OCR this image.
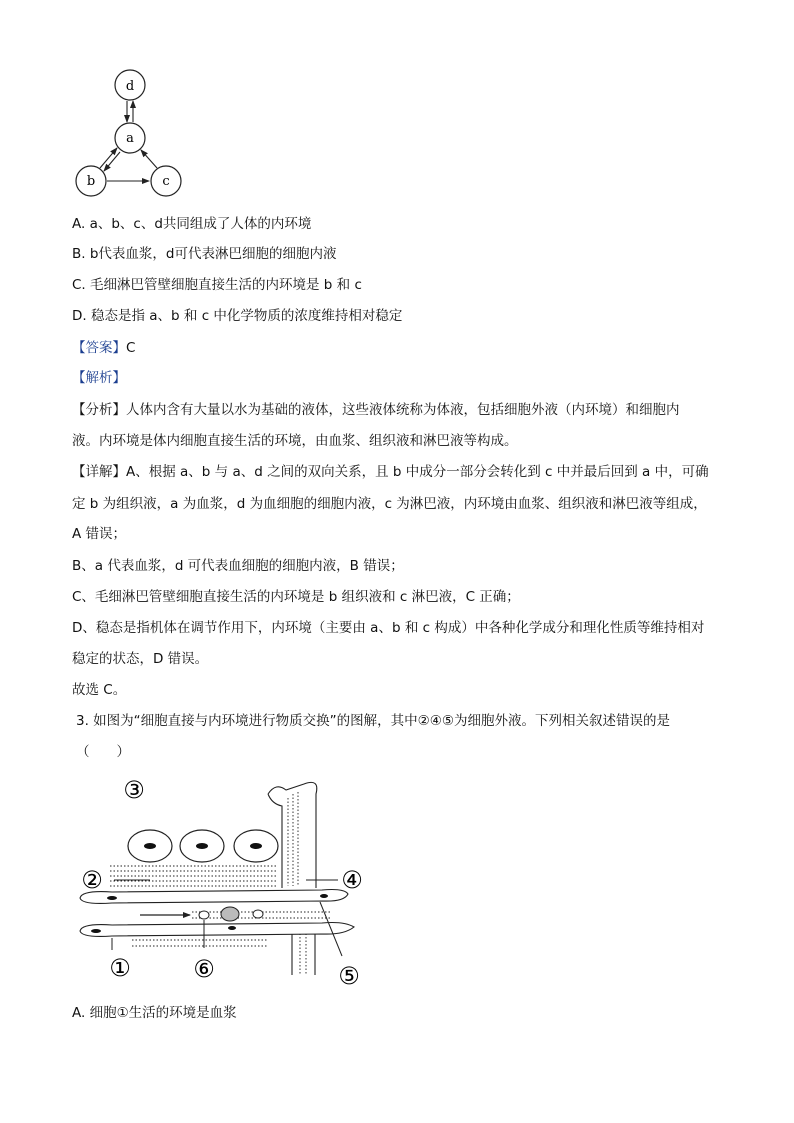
d
a
b	c
A. a、b、c、d共同组成了人体的内环境
B. b代表血浆，d可代表淋巴细胞的细胞内液
C. 毛细淋巴管壁细胞直接生活的内环境是 b 和 c
D. 稳态是指 a、b 和 c 中化学物质的浓度维持相对稳定
【答案】C
【解析】
【分析】人体内含有大量以水为基础的液体，这些液体统称为体液，包括细胞外液（内环境）和细胞内
液。内环境是体内细胞直接生活的环境，由血浆、组织液和淋巴液等构成。
【详解】A、根据 a、b 与 a、d 之间的双向关系，且 b 中成分一部分会转化到 c 中并最后回到 a 中，可确
定 b 为组织液，a 为血浆，d 为血细胞的细胞内液，c 为淋巴液，内环境由血浆、组织液和淋巴液等组成，
A 错误；
B、a 代表血浆，d 可代表血细胞的细胞内液，B 错误；
C、毛细淋巴管壁细胞直接生活的内环境是 b 组织液和 c 淋巴液，C 正确；
D、稳态是指机体在调节作用下，内环境（主要由 a、b 和 c 构成）中各种化学成分和理化性质等维持相对
稳定的状态，D 错误。
故选 C。
3. 如图为“细胞直接与内环境进行物质交换”的图解，其中②④⑤为细胞外液。下列相关叙述错误的是
（　　）
③
②	④
①	⑥	⑤
A. 细胞①生活的环境是血浆
